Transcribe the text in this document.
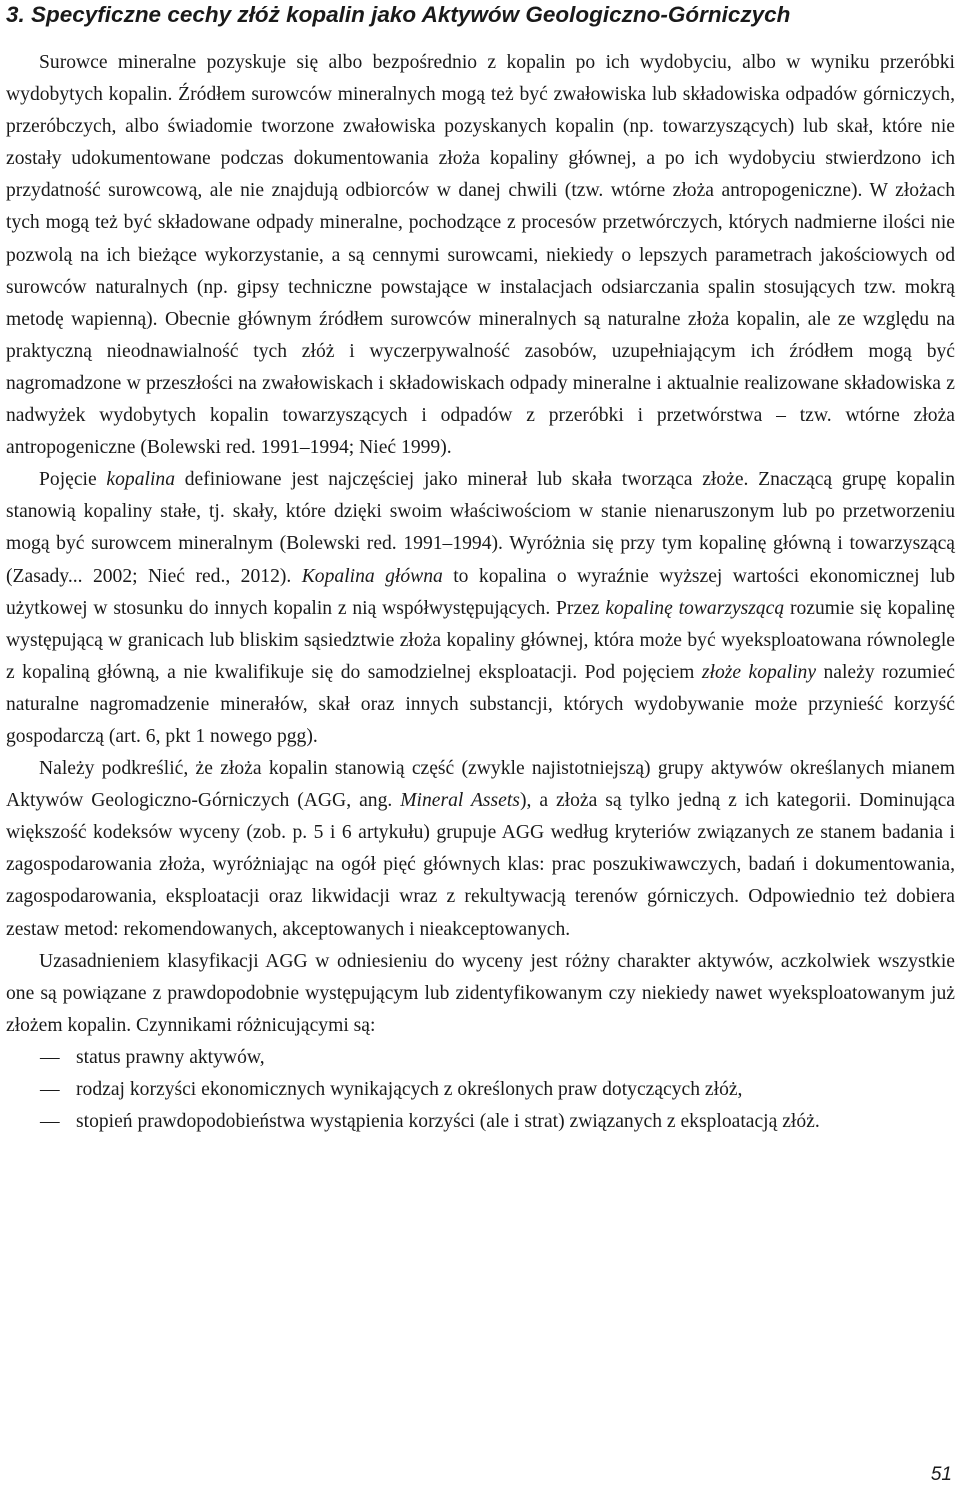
3. Specyficzne cechy złóż kopalin jako Aktywów Geologiczno-Górniczych

Surowce mineralne pozyskuje się albo bezpośrednio z kopalin po ich wydobyciu, albo w wyniku przeróbki wydobytych kopalin. Źródłem surowców mineralnych mogą też być zwałowiska lub składowiska odpadów górniczych, przeróbczych, albo świadomie tworzone zwałowiska pozyskanych kopalin (np. towarzyszących) lub skał, które nie zostały udokumentowane podczas dokumentowania złoża kopaliny głównej, a po ich wydobyciu stwierdzono ich przydatność surowcową, ale nie znajdują odbiorców w danej chwili (tzw. wtórne złoża antropogeniczne). W złożach tych mogą też być składowane odpady mineralne, pochodzące z procesów przetwórczych, których nadmierne ilości nie pozwolą na ich bieżące wykorzystanie, a są cennymi surowcami, niekiedy o lepszych parametrach jakościowych od surowców naturalnych (np. gipsy techniczne powstające w instalacjach odsiarczania spalin stosujących tzw. mokrą metodę wapienną). Obecnie głównym źródłem surowców mineralnych są naturalne złoża kopalin, ale ze względu na praktyczną nieodnawialność tych złóż i wyczerpywalność zasobów, uzupełniającym ich źródłem mogą być nagromadzone w przeszłości na zwałowiskach i składowiskach odpady mineralne i aktualnie realizowane składowiska z nadwyżek wydobytych kopalin towarzyszących i odpadów z przeróbki i przetwórstwa – tzw. wtórne złoża antropogeniczne (Bolewski red. 1991–1994; Nieć 1999).

Pojęcie kopalina definiowane jest najczęściej jako minerał lub skała tworząca złoże. Znaczącą grupę kopalin stanowią kopaliny stałe, tj. skały, które dzięki swoim właściwościom w stanie nienaruszonym lub po przetworzeniu mogą być surowcem mineralnym (Bolewski red. 1991–1994). Wyróżnia się przy tym kopalinę główną i towarzyszącą (Zasady... 2002; Nieć red., 2012). Kopalina główna to kopalina o wyraźnie wyższej wartości ekonomicznej lub użytkowej w stosunku do innych kopalin z nią współwystępujących. Przez kopalinę towarzyszącą rozumie się kopalinę występującą w granicach lub bliskim sąsiedztwie złoża kopaliny głównej, która może być wyeksploatowana równolegle z kopaliną główną, a nie kwalifikuje się do samodzielnej eksploatacji. Pod pojęciem złoże kopaliny należy rozumieć naturalne nagromadzenie minerałów, skał oraz innych substancji, których wydobywanie może przynieść korzyść gospodarczą (art. 6, pkt 1 nowego pgg).

Należy podkreślić, że złoża kopalin stanowią część (zwykle najistotniejszą) grupy aktywów określanych mianem Aktywów Geologiczno-Górniczych (AGG, ang. Mineral Assets), a złoża są tylko jedną z ich kategorii. Dominująca większość kodeksów wyceny (zob. p. 5 i 6 artykułu) grupuje AGG według kryteriów związanych ze stanem badania i zagospodarowania złoża, wyróżniając na ogół pięć głównych klas: prac poszukiwawczych, badań i dokumentowania, zagospodarowania, eksploatacji oraz likwidacji wraz z rekultywacją terenów górniczych. Odpowiednio też dobiera zestaw metod: rekomendowanych, akceptowanych i nieakceptowanych.

Uzasadnieniem klasyfikacji AGG w odniesieniu do wyceny jest różny charakter aktywów, aczkolwiek wszystkie one są powiązane z prawdopodobnie występującym lub zidentyfikowanym czy niekiedy nawet wyeksploatowanym już złożem kopalin. Czynnikami różnicującymi są:

— status prawny aktywów,
— rodzaj korzyści ekonomicznych wynikających z określonych praw dotyczących złóż,
— stopień prawdopodobieństwa wystąpienia korzyści (ale i strat) związanych z eksploatacją złóż.
51
